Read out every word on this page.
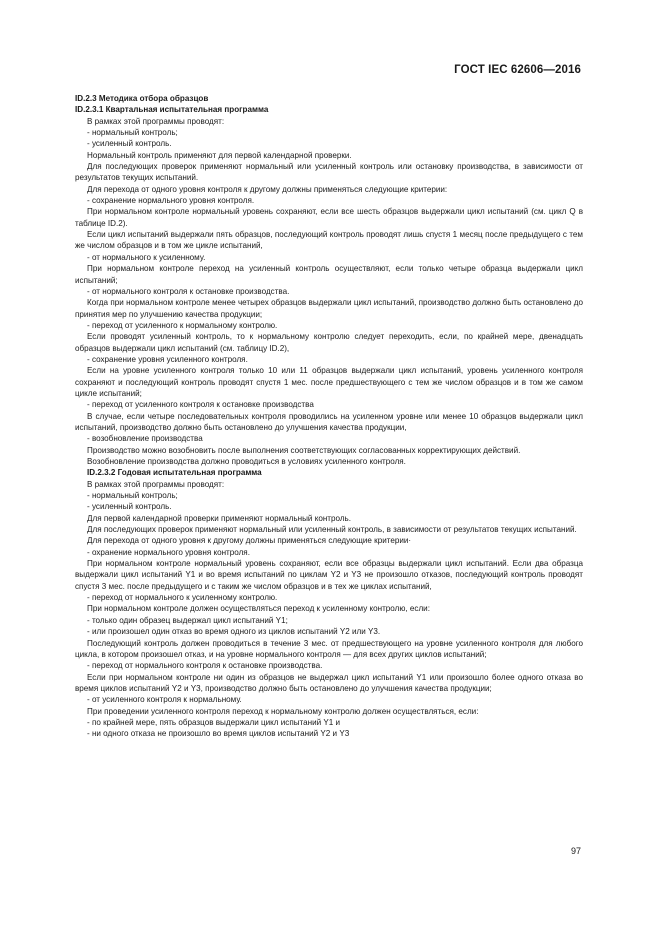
ГОСТ IEC 62606—2016

ID.2.3 Методика отбора образцов

ID.2.3.1 Квартальная испытательная программа

В рамках этой программы проводят:

- нормальный контроль;

- усиленный контроль.

Нормальный контроль применяют для первой календарной проверки.

Для последующих проверок применяют нормальный или усиленный контроль или остановку производства, в зависимости от результатов текущих испытаний.

Для перехода от одного уровня контроля к другому должны применяться следующие критерии:

- сохранение нормального уровня контроля.

При нормальном контроле нормальный уровень сохраняют, если все шесть образцов выдержали цикл испытаний (см. цикл Q в таблице ID.2).

Если цикл испытаний выдержали пять образцов, последующий контроль проводят лишь спустя 1 месяц после предыдущего с тем же числом образцов и в том же цикле испытаний,

- от нормального к усиленному.

При нормальном контроле переход на усиленный контроль осуществляют, если только четыре образца выдержали цикл испытаний;

- от нормального контроля к остановке производства.

Когда при нормальном контроле менее четырех образцов выдержали цикл испытаний, производство должно быть остановлено до принятия мер по улучшению качества продукции;

- переход от усиленного к нормальному контролю.

Если проводят усиленный контроль, то к нормальному контролю следует переходить, если, по крайней мере, двенадцать образцов выдержали цикл испытаний (см. таблицу ID.2),

- сохранение уровня усиленного контроля.

Если на уровне усиленного контроля только 10 или 11 образцов выдержали цикл испытаний, уровень усиленного контроля сохраняют и последующий контроль проводят спустя 1 мес. после предшествующего с тем же числом образцов и в том же самом цикле испытаний;

- переход от усиленного контроля к остановке производства

В случае, если четыре последовательных контроля проводились на усиленном уровне или менее 10 образцов выдержали цикл испытаний, производство должно быть остановлено до улучшения качества продукции,

- возобновление производства

Производство можно возобновить после выполнения соответствующих согласованных корректирующих действий.

Возобновление производства должно проводиться в условиях усиленного контроля.

ID.2.3.2 Годовая испытательная программа

В рамках этой программы проводят:

- нормальный контроль;

- усиленный контроль.

Для первой календарной проверки применяют нормальный контроль.

Для последующих проверок применяют нормальный или усиленный контроль, в зависимости от результатов текущих испытаний.

Для перехода от одного уровня к другому должны применяться следующие критерии·

- охранение нормального уровня контроля.

При нормальном контроле нормальный уровень сохраняют, если все образцы выдержали цикл испытаний. Если два образца выдержали цикл испытаний Y1 и во время испытаний по циклам Y2 и Y3 не произошло отказов, последующий контроль проводят спустя 3 мес. после предыдущего и с таким же числом образцов и в тех же циклах испытаний,

- переход от нормального к усиленному контролю.

При нормальном контроле должен осуществляться переход к усиленному контролю, если:

- только один образец выдержал цикл испытаний Y1;

- или произошел один отказ во время одного из циклов испытаний Y2 или Y3.

Последующий контроль должен проводиться в течение 3 мес. от предшествующего на уровне усиленного контроля для любого цикла, в котором произошел отказ, и на уровне нормального контроля — для всех других циклов испытаний;

- переход от нормального контроля к остановке производства.

Если при нормальном контроле ни один из образцов не выдержал цикл испытаний Y1 или произошло более одного отказа во время циклов испытаний Y2 и Y3, производство должно быть остановлено до улучшения качества продукции;

- от усиленного контроля к нормальному.

При проведении усиленного контроля переход к нормальному контролю должен осуществляться, если:

- по крайней мере, пять образцов выдержали цикл испытаний Y1 и

- ни одного отказа не произошло во время циклов испытаний Y2 и Y3

97
